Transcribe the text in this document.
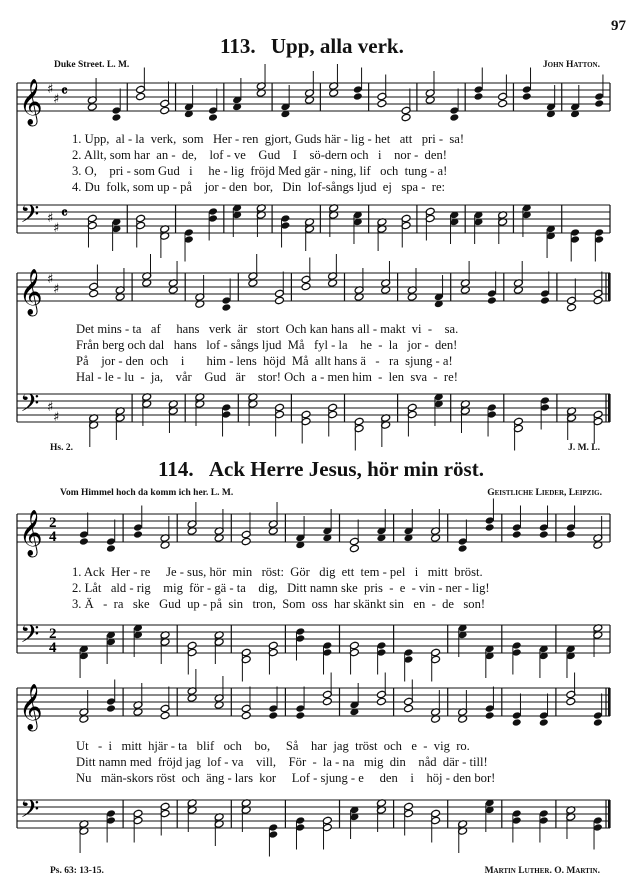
97
113. Upp, alla verk.
Duke Street. L. M.	John Hatton.
1. Upp,  al - la  verk,  som   Her - ren  gjort, Guds här - lig - het   att   pri -  sa!
2. Allt, som har  an -  de,    lof - ve    Gud    I    sö-dern och   i    nor -  den!
3. O,    pri - som Gud   i     he - lig  fröjd Med gär - ning, lif   och  tung - a!
4. Du  folk, som up - på    jor - den  bor,   Din  lof-sångs ljud  ej   spa -  re:
Det mins - ta   af     hans   verk  är   stort  Och kan hans all - makt  vi  -    sa.
Från berg och dal   hans   lof - sångs ljud  Må   fyl - la    he  -  la   jor -  den!
På    jor - den  och    i       him - lens  höjd  Må  allt hans ä   -   ra  sjung - a!
Hal - le - lu  -  ja,    vår    Gud   är    stor! Och  a - men him  -  len  sva  -  re!
Hs. 2.	J. M. L.
114. Ack Herre Jesus, hör min röst.
Vom Himmel hoch da komm ich her. L. M.	Geistliche Lieder, Leipzig.
1. Ack  Her - re     Je - sus, hör  min   röst:  Gör   dig  ett  tem - pel   i   mitt  bröst.
2. Låt   ald - rig    mig  för - gä - ta    dig,   Ditt namn ske  pris  -  e  - vin - ner - lig!
3. Ä   -  ra   ske   Gud  up - på  sin   tron,  Som  oss  har skänkt sin   en  -  de   son!
Ut   -  i   mitt  hjär - ta   blif   och    bo,     Så    har  jag  tröst  och   e  -  vig  ro.
Ditt namn med  fröjd jag  lof - va    vill,    För  -  la - na   mig  din    nåd  där - till!
Nu   män-skors röst  och  äng - lars  kor     Lof - sjung - e     den    i    höj - den bor!
Ps. 63: 13-15.	Martin Luther. O. Martin.
𝄞
𝄢
♯
♯
♯
♯
𝄴
𝄴
𝄞
𝄢
♯
♯
♯
♯
𝄞
𝄢
2
4
2
4
𝄞
𝄢
